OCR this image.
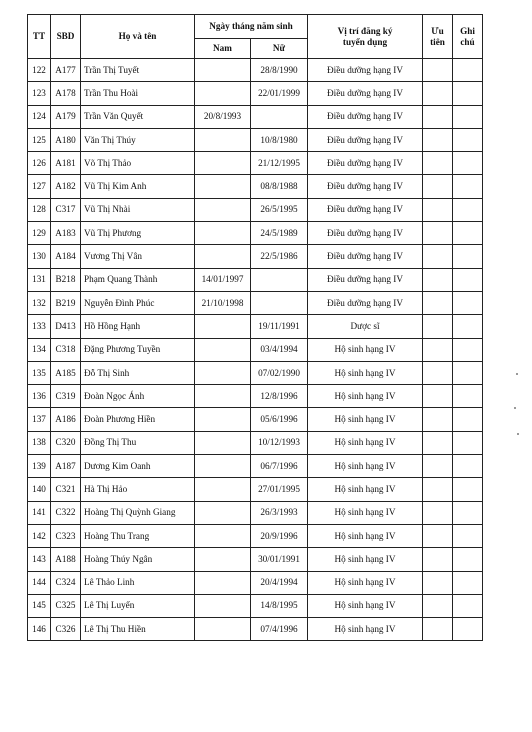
TT	SBD	Họ và tên	Ngày tháng năm sinh		Vị trí đăng ký tuyển dụng	Ưu tiên	Ghi chú
			Nam	Nữ			
122	A177	Trần Thị Tuyết		28/8/1990	Điều dưỡng hạng IV		
123	A178	Trần Thu Hoài		22/01/1999	Điều dưỡng hạng IV		
124	A179	Trần Văn Quyết	20/8/1993		Điều dưỡng hạng IV		
125	A180	Văn Thị Thúy		10/8/1980	Điều dưỡng hạng IV		
126	A181	Võ Thị Thảo		21/12/1995	Điều dưỡng hạng IV		
127	A182	Vũ Thị Kim Anh		08/8/1988	Điều dưỡng hạng IV		
128	C317	Vũ Thị Nhài		26/5/1995	Điều dưỡng hạng IV		
129	A183	Vũ Thị Phương		24/5/1989	Điều dưỡng hạng IV		
130	A184	Vương Thị Vân		22/5/1986	Điều dưỡng hạng IV		
131	B218	Phạm Quang Thành	14/01/1997		Điều dưỡng hạng IV		
132	B219	Nguyễn Đình Phúc	21/10/1998		Điều dưỡng hạng IV		
133	D413	Hồ Hồng Hạnh		19/11/1991	Dược sĩ		
134	C318	Đặng Phương Tuyền		03/4/1994	Hộ sinh hạng IV		
135	A185	Đỗ Thị Sinh		07/02/1990	Hộ sinh hạng IV		
136	C319	Đoàn Ngọc Ánh		12/8/1996	Hộ sinh hạng IV		
137	A186	Đoàn Phương Hiền		05/6/1996	Hộ sinh hạng IV		
138	C320	Đồng Thị Thu		10/12/1993	Hộ sinh hạng IV		
139	A187	Dương Kim Oanh		06/7/1996	Hộ sinh hạng IV		
140	C321	Hà Thị Hảo		27/01/1995	Hộ sinh hạng IV		
141	C322	Hoàng Thị Quỳnh Giang		26/3/1993	Hộ sinh hạng IV		
142	C323	Hoàng Thu Trang		20/9/1996	Hộ sinh hạng IV		
143	A188	Hoàng Thúy Ngân		30/01/1991	Hộ sinh hạng IV		
144	C324	Lê Thảo Linh		20/4/1994	Hộ sinh hạng IV		
145	C325	Lê Thị Luyến		14/8/1995	Hộ sinh hạng IV		
146	C326	Lê Thị Thu Hiền		07/4/1996	Hộ sinh hạng IV		
